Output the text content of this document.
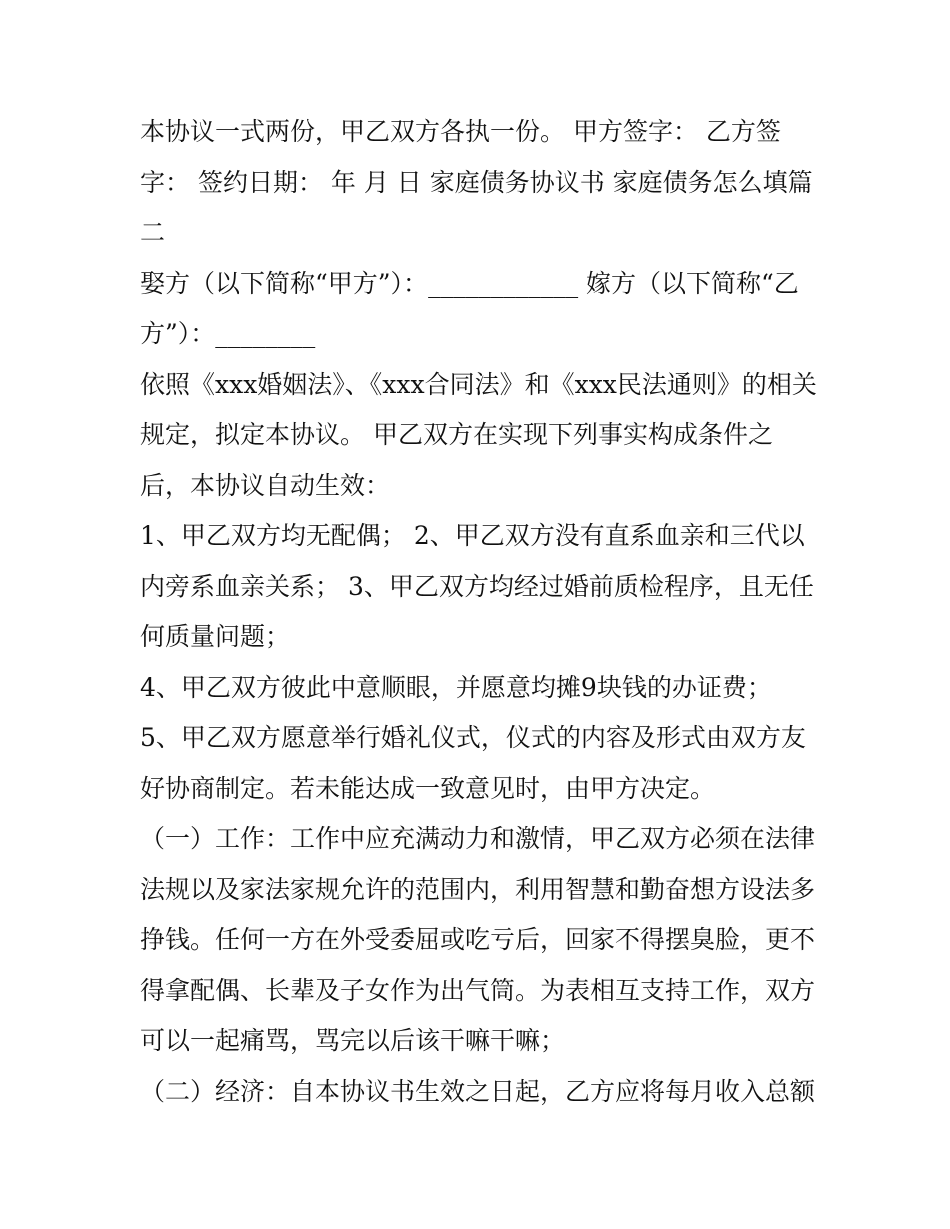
本协议一式两份，甲乙双方各执一份。 甲方签字： 乙方签字： 签约日期： 年 月 日 家庭债务协议书 家庭债务怎么填篇二

娶方（以下简称“甲方”）：____________ 嫁方（以下简称“乙方”）：________

依照《xxx婚姻法》、《xxx合同法》和《xxx民法通则》的相关规定，拟定本协议。 甲乙双方在实现下列事实构成条件之后，本协议自动生效：

1、甲乙双方均无配偶； 2、甲乙双方没有直系血亲和三代以内旁系血亲关系； 3、甲乙双方均经过婚前质检程序，且无任何质量问题；

4、甲乙双方彼此中意顺眼，并愿意均摊9块钱的办证费；

5、甲乙双方愿意举行婚礼仪式，仪式的内容及形式由双方友好协商制定。若未能达成一致意见时，由甲方决定。

（一）工作：工作中应充满动力和激情，甲乙双方必须在法律法规以及家法家规允许的范围内，利用智慧和勤奋想方设法多挣钱。任何一方在外受委屈或吃亏后，回家不得摆臭脸，更不得拿配偶、长辈及子女作为出气筒。为表相互支持工作，双方可以一起痛骂，骂完以后该干嘛干嘛；

（二）经济：自本协议书生效之日起，乙方应将每月收入总额
